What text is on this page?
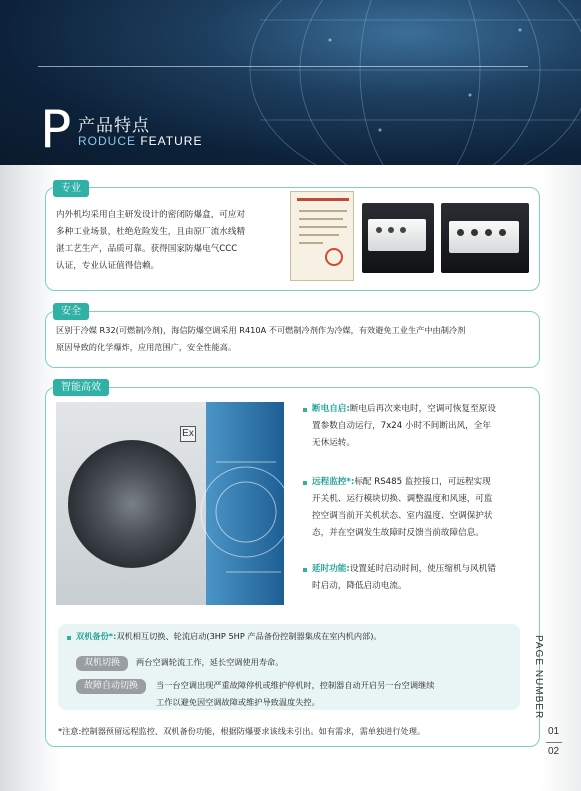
P 产品特点
RODUCE FEATURE
专业
内外机均采用自主研发设计的密闭防爆盒，可应对
多种工业场景，杜绝危险发生，且由原厂流水线精
湛工艺生产，品质可靠。获得国家防爆电气CCC
认证，专业认证值得信赖。
安全
区别于冷媒 R32(可燃制冷剂)，海信防爆空调采用 R410A 不可燃制冷剂作为冷媒，有效避免工业生产中由制冷剂
原因导致的化学爆炸，应用范围广，安全性能高。
智能高效
Ex
断电自启:断电后再次来电时，空调可恢复至原设
置参数自动运行，7x24 小时不间断出风，全年
无休运转。
远程监控*:标配 RS485 监控接口，可远程实现
开关机、运行模块切换、调整温度和风速，可监
控空调当前开关机状态、室内温度、空调保护状
态，并在空调发生故障时反馈当前故障信息。
延时功能:设置延时启动时间，使压缩机与风机错
时启动，降低启动电流。
双机备份*:双机相互切换、轮流启动(3HP 5HP 产品备份控制器集成在室内机内部)。
双机切换	两台空调轮流工作，延长空调使用寿命。
故障自动切换	当一台空调出现严重故障停机或维护停机时，控制器自动开启另一台空调继续
工作以避免因空调故障或维护导致温度失控。
*注意:控制器预留远程监控、双机备份功能，根据防爆要求该线未引出。如有需求，需单独进行处理。
PAGE NUMBER
01
02
